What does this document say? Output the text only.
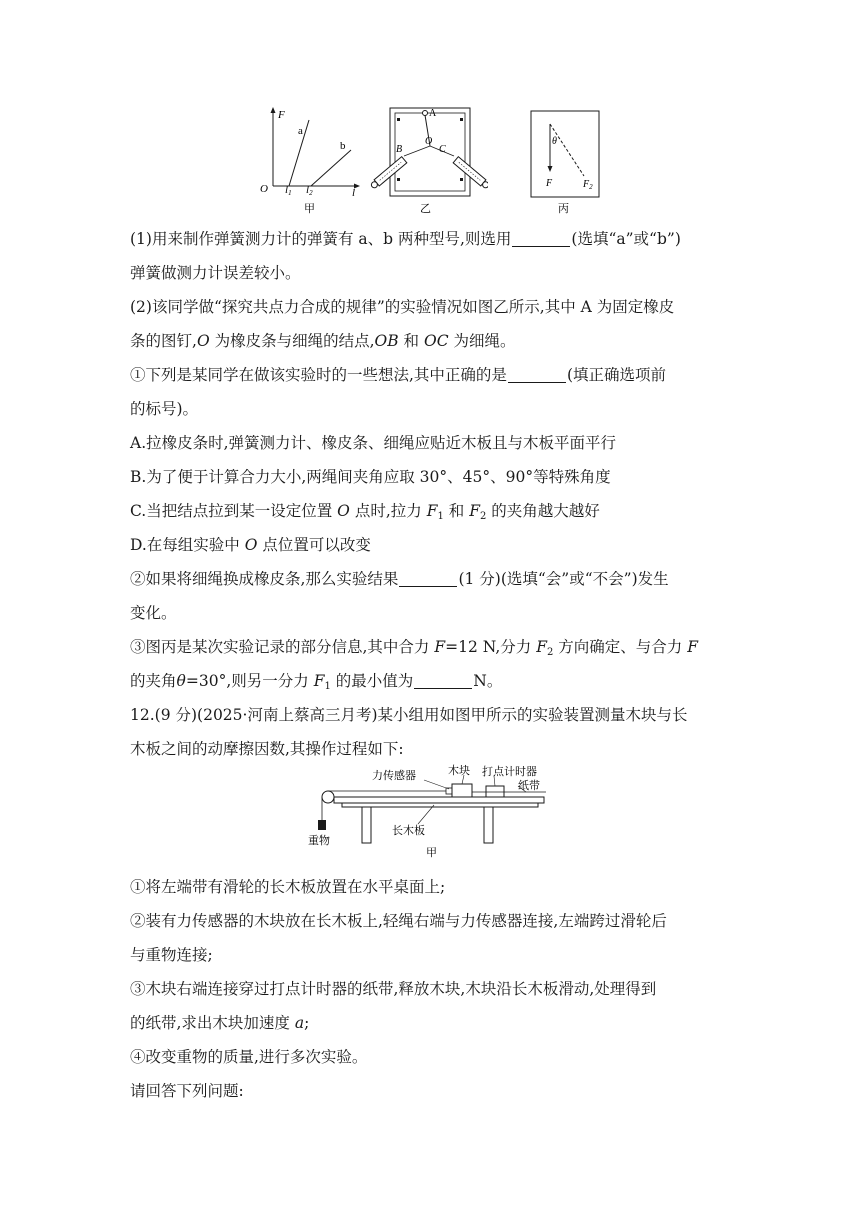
F
a
b
O l1 l2	l
甲
A
O
B	C
乙
θ
F	$F_2$
丙
(1)用来制作弹簧测力计的弹簧有 a、b 两种型号,则选用	(选填“a”或“b”)
弹簧做测力计误差较小。
(2)该同学做“探究共点力合成的规律”的实验情况如图乙所示,其中 A 为固定橡皮
条的图钉,O 为橡皮条与细绳的结点,OB 和 OC 为细绳。
①下列是某同学在做该实验时的一些想法,其中正确的是	(填正确选项前
的标号)。
A.拉橡皮条时,弹簧测力计、橡皮条、细绳应贴近木板且与木板平面平行
B.为了便于计算合力大小,两绳间夹角应取 30°、45°、90°等特殊角度
C.当把结点拉到某一设定位置 O 点时,拉力 $F_1$ 和 $F_2$ 的夹角越大越好
D.在每组实验中 O 点位置可以改变
②如果将细绳换成橡皮条,那么实验结果	(1 分)(选填“会”或“不会”)发生
变化。
③图丙是某次实验记录的部分信息,其中合力 F=12 N,分力 $F_2$ 方向确定、与合力 F
的夹角θ=30°,则另一分力 $F_1$ 的最小值为	N。
12.(9 分)(2025·河南上蔡高三月考)某小组用如图甲所示的实验装置测量木块与长
木板之间的动摩擦因数,其操作过程如下:
力传感器	木块 打点计时器
纸带
长木板
重物
甲
①将左端带有滑轮的长木板放置在水平桌面上;
②装有力传感器的木块放在长木板上,轻绳右端与力传感器连接,左端跨过滑轮后
与重物连接;
③木块右端连接穿过打点计时器的纸带,释放木块,木块沿长木板滑动,处理得到
的纸带,求出木块加速度 a;
④改变重物的质量,进行多次实验。
请回答下列问题:
